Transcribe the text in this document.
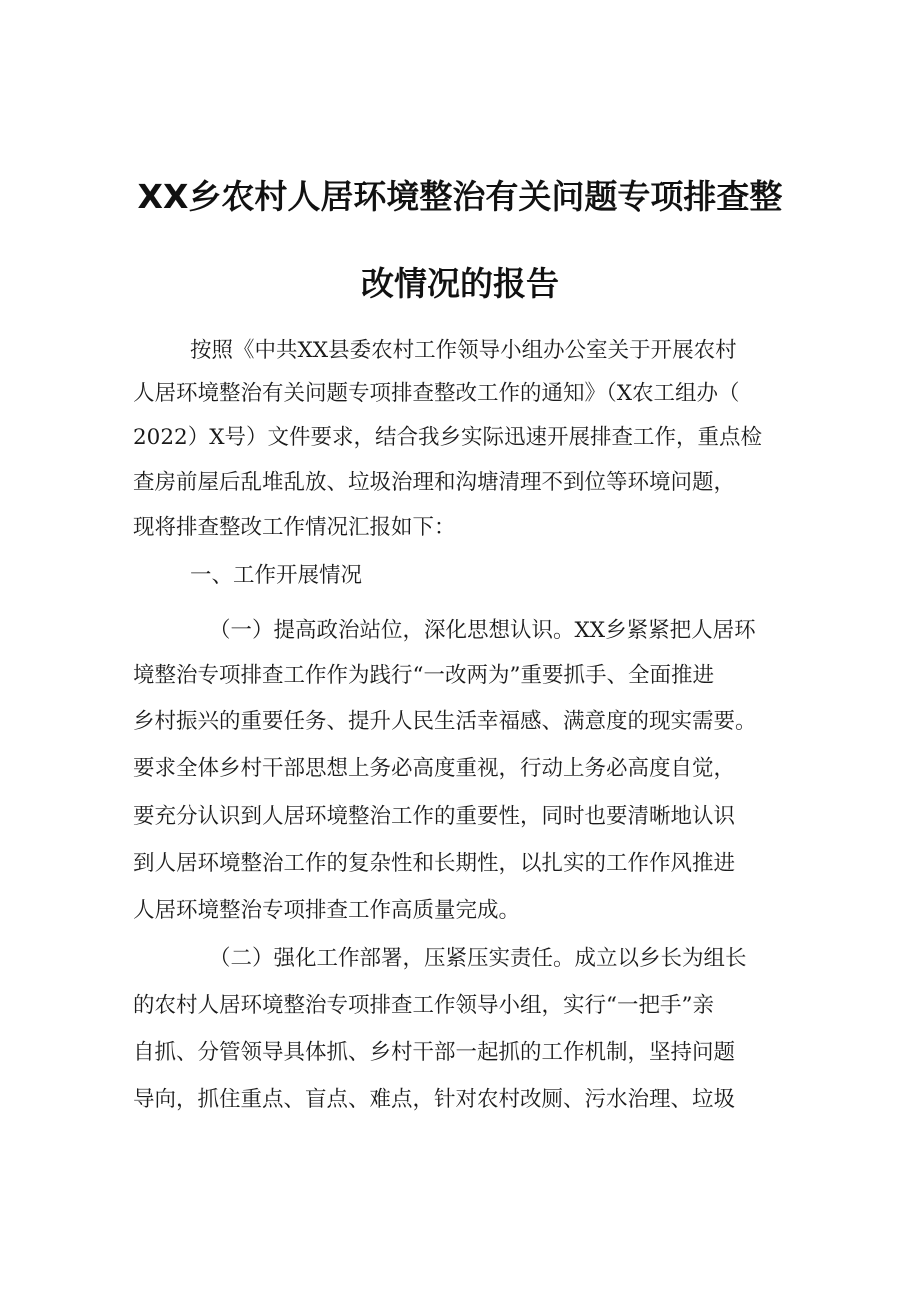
XX乡农村人居环境整治有关问题专项排查整
改情况的报告
按照《中共XX县委农村工作领导小组办公室关于开展农村
人居环境整治有关问题专项排查整改工作的通知》（X农工组办（
2022）X号）文件要求，结合我乡实际迅速开展排查工作，重点检
查房前屋后乱堆乱放、垃圾治理和沟塘清理不到位等环境问题，
现将排查整改工作情况汇报如下：
一、工作开展情况
（一）提高政治站位，深化思想认识。XX乡紧紧把人居环
境整治专项排查工作作为践行“一改两为”重要抓手、全面推进
乡村振兴的重要任务、提升人民生活幸福感、满意度的现实需要。
要求全体乡村干部思想上务必高度重视，行动上务必高度自觉，
要充分认识到人居环境整治工作的重要性，同时也要清晰地认识
到人居环境整治工作的复杂性和长期性，以扎实的工作作风推进
人居环境整治专项排查工作高质量完成。
（二）强化工作部署，压紧压实责任。成立以乡长为组长
的农村人居环境整治专项排查工作领导小组，实行“一把手”亲
自抓、分管领导具体抓、乡村干部一起抓的工作机制，坚持问题
导向，抓住重点、盲点、难点，针对农村改厕、污水治理、垃圾
